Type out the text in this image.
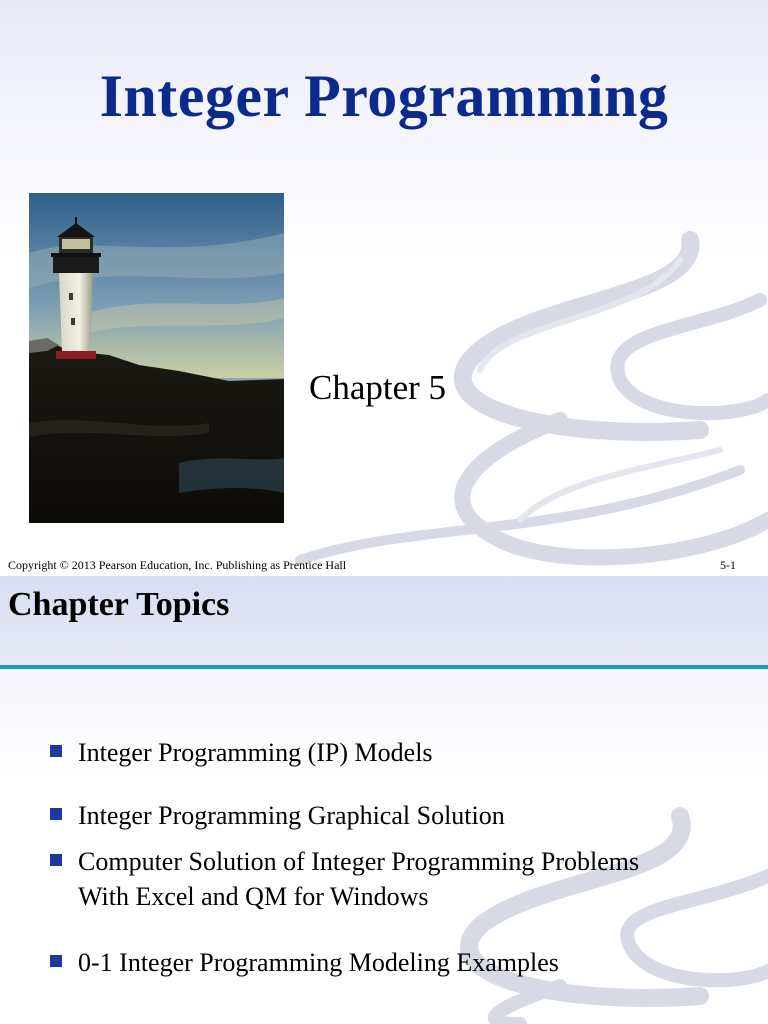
Integer Programming
Chapter 5
Copyright © 2013 Pearson Education, Inc. Publishing as Prentice Hall	5-1
Chapter Topics
Integer Programming (IP) Models
Integer Programming Graphical Solution
Computer Solution of Integer Programming Problems With Excel and QM for Windows
0-1 Integer Programming Modeling Examples
